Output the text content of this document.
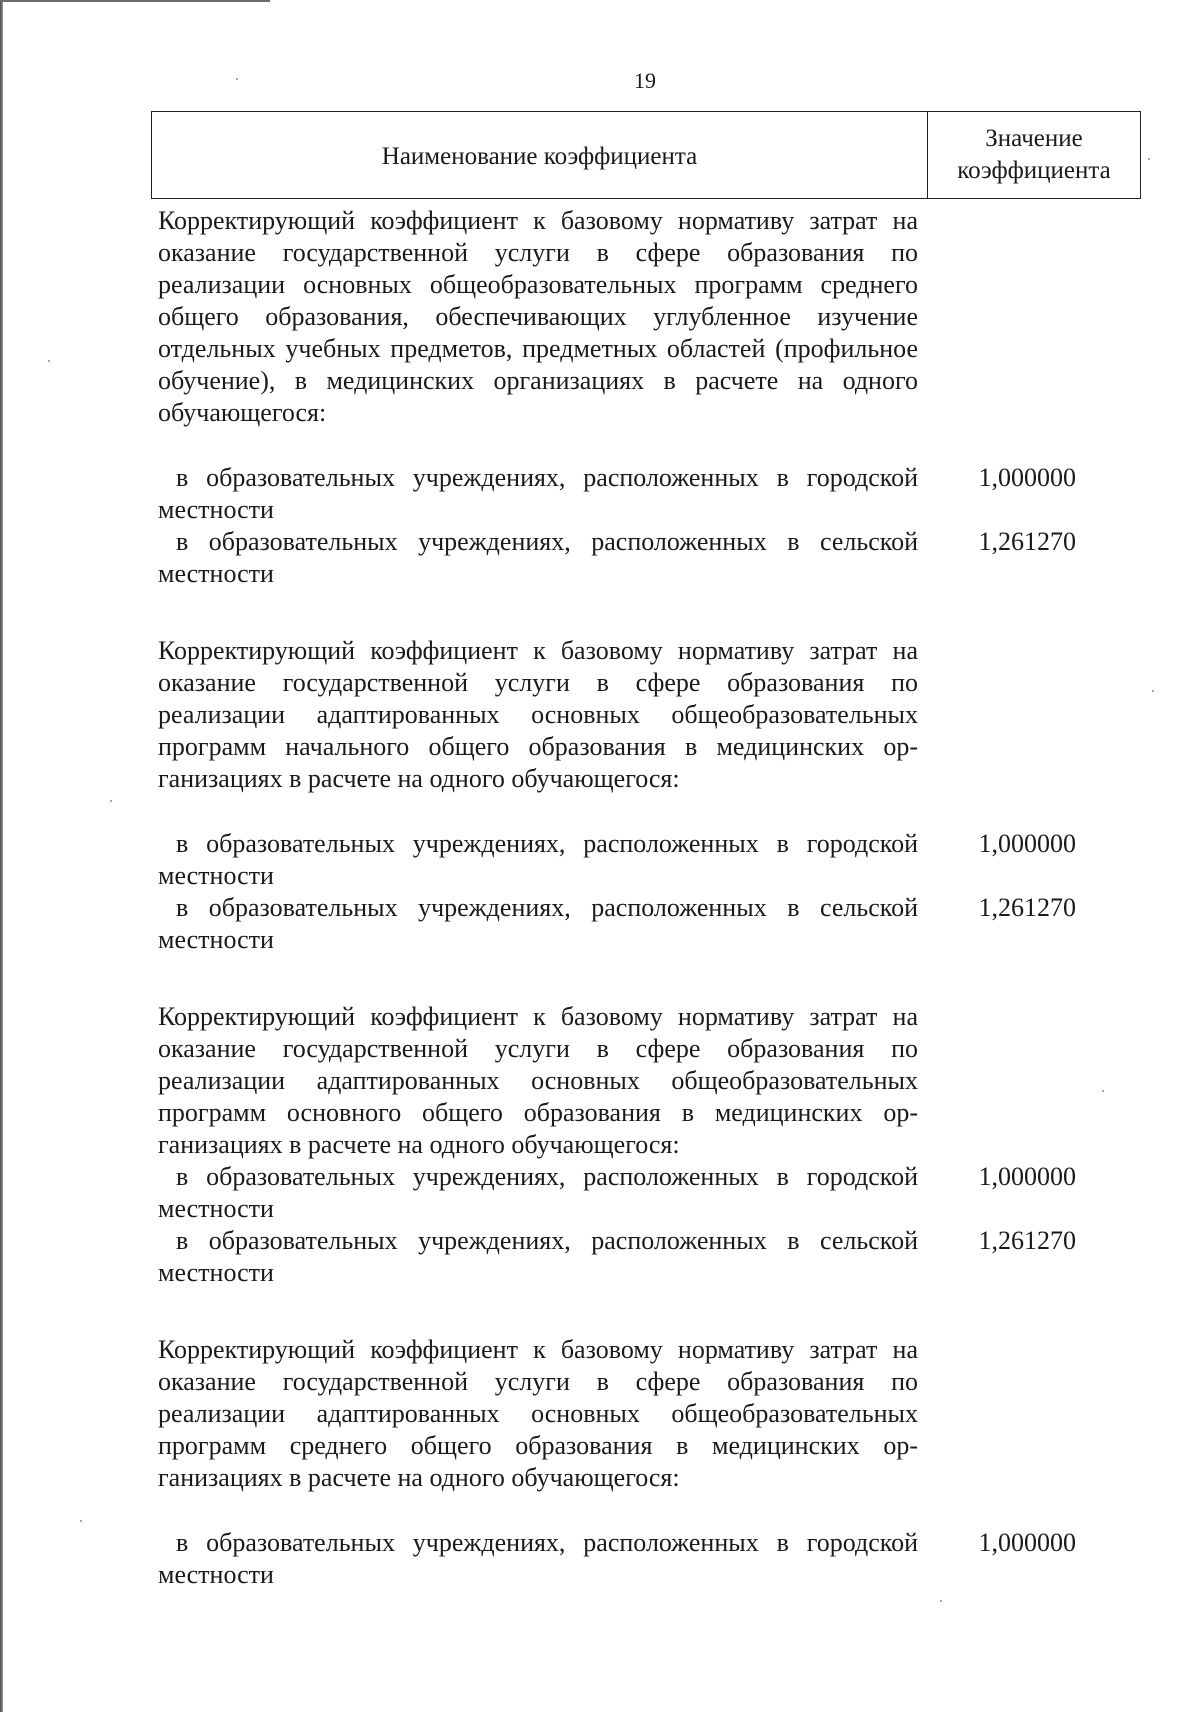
19
Наименование коэффициента
Значение
коэффициента
Корректирующий коэффициент к базовому нормативу затрат на оказание государственной услуги в сфере образования по реализации основных общеобразовательных программ среднего общего образования, обеспечивающих углубленное изучение отдельных учебных предметов, предметных областей (профильное обучение), в медицинских организациях в расчете на одного обучающегося:
в образовательных учреждениях, расположенных в городской местности
1,000000
в образовательных учреждениях, расположенных в сельской местности
1,261270
Корректирующий коэффициент к базовому нормативу затрат на оказание государственной услуги в сфере образования по реализации адаптированных основных общеобразовательных программ начального общего образования в медицинских организациях в расчете на одного обучающегося:
в образовательных учреждениях, расположенных в городской местности
1,000000
в образовательных учреждениях, расположенных в сельской местности
1,261270
Корректирующий коэффициент к базовому нормативу затрат на оказание государственной услуги в сфере образования по реализации адаптированных основных общеобразовательных программ основного общего образования в медицинских организациях в расчете на одного обучающегося:
в образовательных учреждениях, расположенных в городской местности
1,000000
в образовательных учреждениях, расположенных в сельской местности
1,261270
Корректирующий коэффициент к базовому нормативу затрат на оказание государственной услуги в сфере образования по реализации адаптированных основных общеобразовательных программ среднего общего образования в медицинских организациях в расчете на одного обучающегося:
в образовательных учреждениях, расположенных в городской местности
1,000000
